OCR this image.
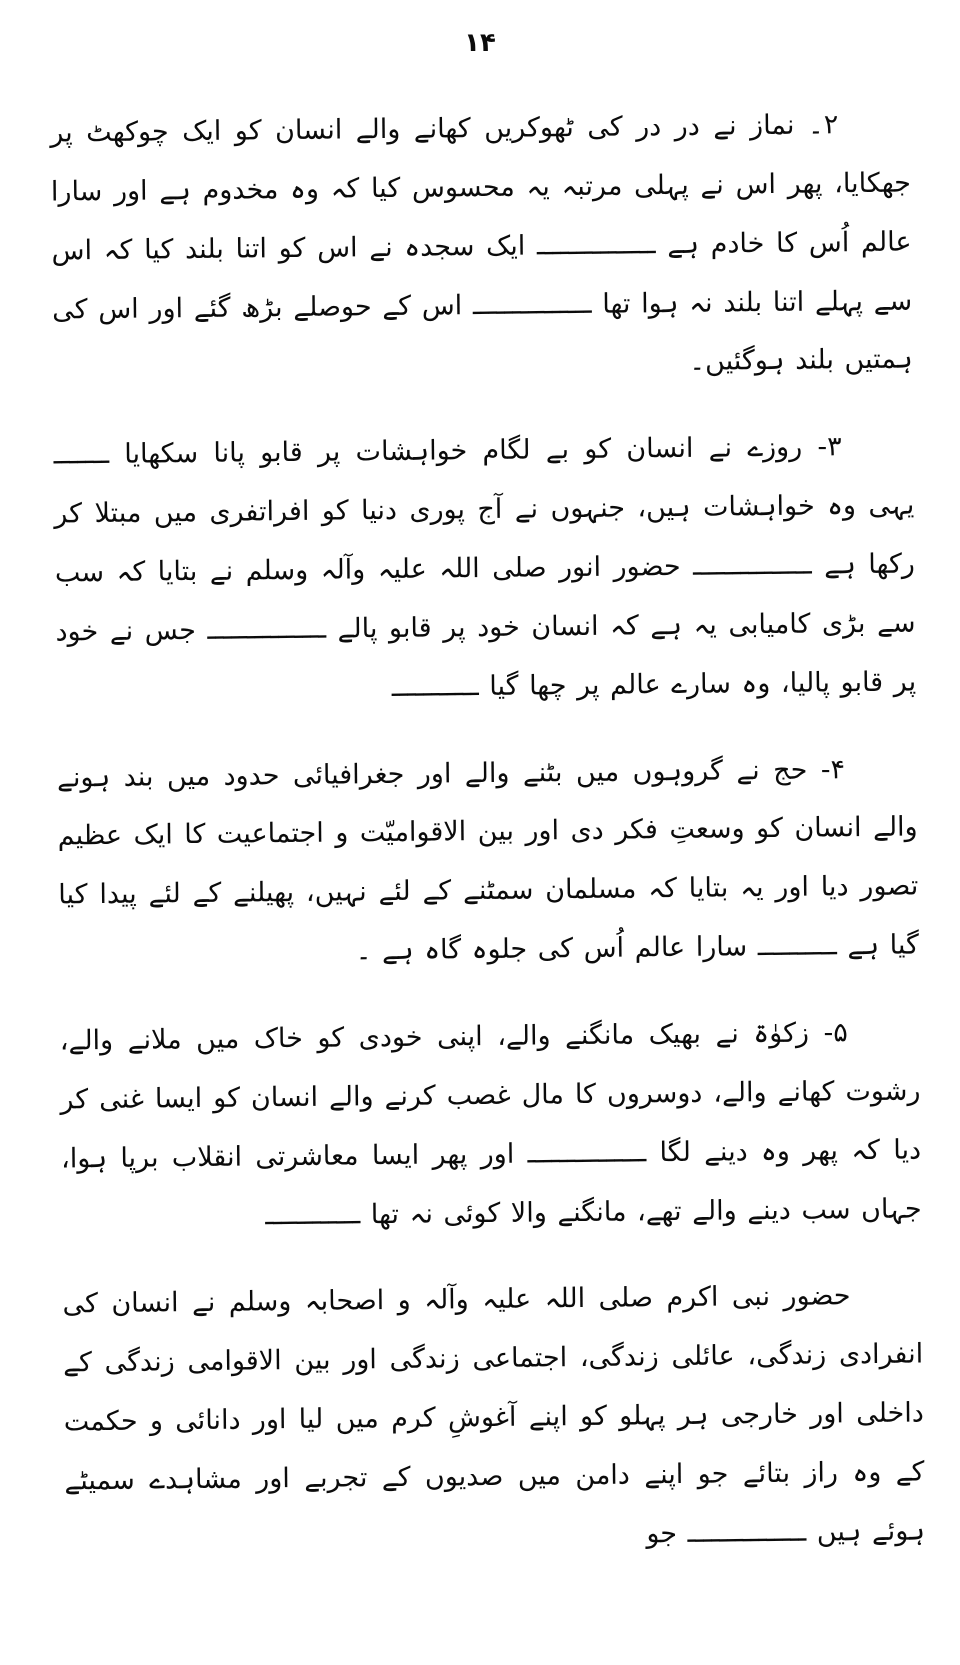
۱۴

۲۔ نماز نے در در کی ٹھوکریں کھانے والے انسان کو ایک چوکھٹ پر جھکایا، پھر اس نے پہلی مرتبہ یہ محسوس کیا کہ وہ مخدوم ہے اور سارا عالم اُس کا خادم ہے ـــــــــــــــ ایک سجدہ نے اس کو اتنا بلند کیا کہ اس سے پہلے اتنا بلند نہ ہوا تھا ـــــــــــــــ اس کے حوصلے بڑھ گئے اور اس کی ہمتیں بلند ہوگئیں۔

۳- روزے نے انسان کو بے لگام خواہشات پر قابو پانا سکھایا ـــــــ یہی وہ خواہشات ہیں، جنہوں نے آج پوری دنیا کو افراتفری میں مبتلا کر رکھا ہے ـــــــــــــــ حضور انور صلی اللہ علیہ وآلہ وسلم نے بتایا کہ سب سے بڑی کامیابی یہ ہے کہ انسان خود پر قابو پالے ـــــــــــــــ جس نے خود پر قابو پالیا، وہ سارے عالم پر چھا گیا ـــــــــــ

۴- حج نے گروہوں میں بٹنے والے اور جغرافیائی حدود میں بند ہونے والے انسان کو وسعتِ فکر دی اور بین الاقوامیّت و اجتماعیت کا ایک عظیم تصور دیا اور یہ بتایا کہ مسلمان سمٹنے کے لئے نہیں، پھیلنے کے لئے پیدا کیا گیا ہے ــــــــــ سارا عالم اُس کی جلوہ گاہ ہے ۔

۵- زکوٰۃ نے بھیک مانگنے والے، اپنی خودی کو خاک میں ملانے والے، رشوت کھانے والے، دوسروں کا مال غصب کرنے والے انسان کو ایسا غنی کر دیا کہ پھر وہ دینے لگا ـــــــــــــــ اور پھر ایسا معاشرتی انقلاب برپا ہوا، جہاں سب دینے والے تھے، مانگنے والا کوئی نہ تھا ــــــــــــ

حضور نبی اکرم صلی اللہ علیہ وآلہ و اصحابہ وسلم نے انسان کی انفرادی زندگی، عائلی زندگی، اجتماعی زندگی اور بین الاقوامی زندگی کے داخلی اور خارجی ہر پہلو کو اپنے آغوشِ کرم میں لیا اور دانائی و حکمت کے وہ راز بتائے جو اپنے دامن میں صدیوں کے تجربے اور مشاہدے سمیٹے ہوئے ہیں ـــــــــــــــ جو
